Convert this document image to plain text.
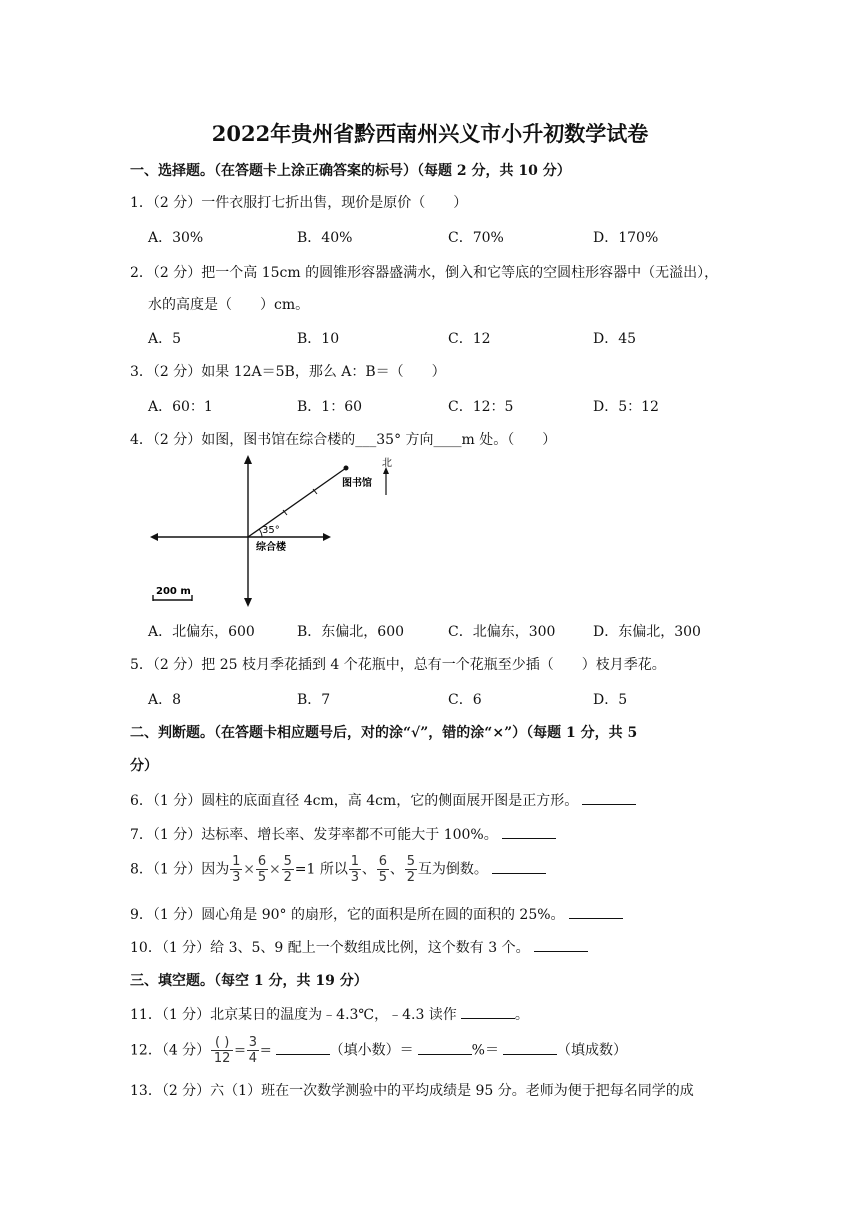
2022年贵州省黔西南州兴义市小升初数学试卷
一、选择题。（在答题卡上涂正确答案的标号）（每题 2 分，共 10 分）
1．（2 分）一件衣服打七折出售，现价是原价（　　）
A．30%	B．40%	C．70%	D．170%
2．（2 分）把一个高 15cm 的圆锥形容器盛满水，倒入和它等底的空圆柱形容器中（无溢出），
水的高度是（　　）cm。
A．5	B．10	C．12	D．45
3．（2 分）如果 12A＝5B，那么 A：B＝（　　）
A．60：1	B．1：60	C．12：5	D．5：12
4．（2 分）如图，图书馆在综合楼的___35° 方向____m 处。（　　）
北
图书馆
综合楼
35°
200 m
A．北偏东，600	B．东偏北，600	C．北偏东，300	D．东偏北，300
5．（2 分）把 25 枝月季花插到 4 个花瓶中，总有一个花瓶至少插（　　）枝月季花。
A．8	B．7	C．6	D．5
二、判断题。（在答题卡相应题号后，对的涂“√”，错的涂“×”）（每题 1 分，共 5
分）
6．（1 分）圆柱的底面直径 4cm，高 4cm，它的侧面展开图是正方形。
7．（1 分）达标率、增长率、发芽率都不可能大于 100%。
8．（1 分）因为 $\frac{1}{3} \times \frac{6}{5} \times \frac{5}{2} =1$ 所以 $\frac{1}{3}$ 、 $\frac{6}{5}$ 、 $\frac{5}{2}$ 互为倒数。
9．（1 分）圆心角是 90° 的扇形，它的面积是所在圆的面积的 25%。
10．（1 分）给 3、5、9 配上一个数组成比例，这个数有 3 个。
三、填空题。（每空 1 分，共 19 分）
11．（1 分）北京某日的温度为﹣4.3℃，﹣4.3 读作	。
12．（4 分） $\frac{( )}{12} = \frac{3}{4}$ =	（填小数）＝	%＝	（填成数）
13．（2 分）六（1）班在一次数学测验中的平均成绩是 95 分。老师为便于把每名同学的成
